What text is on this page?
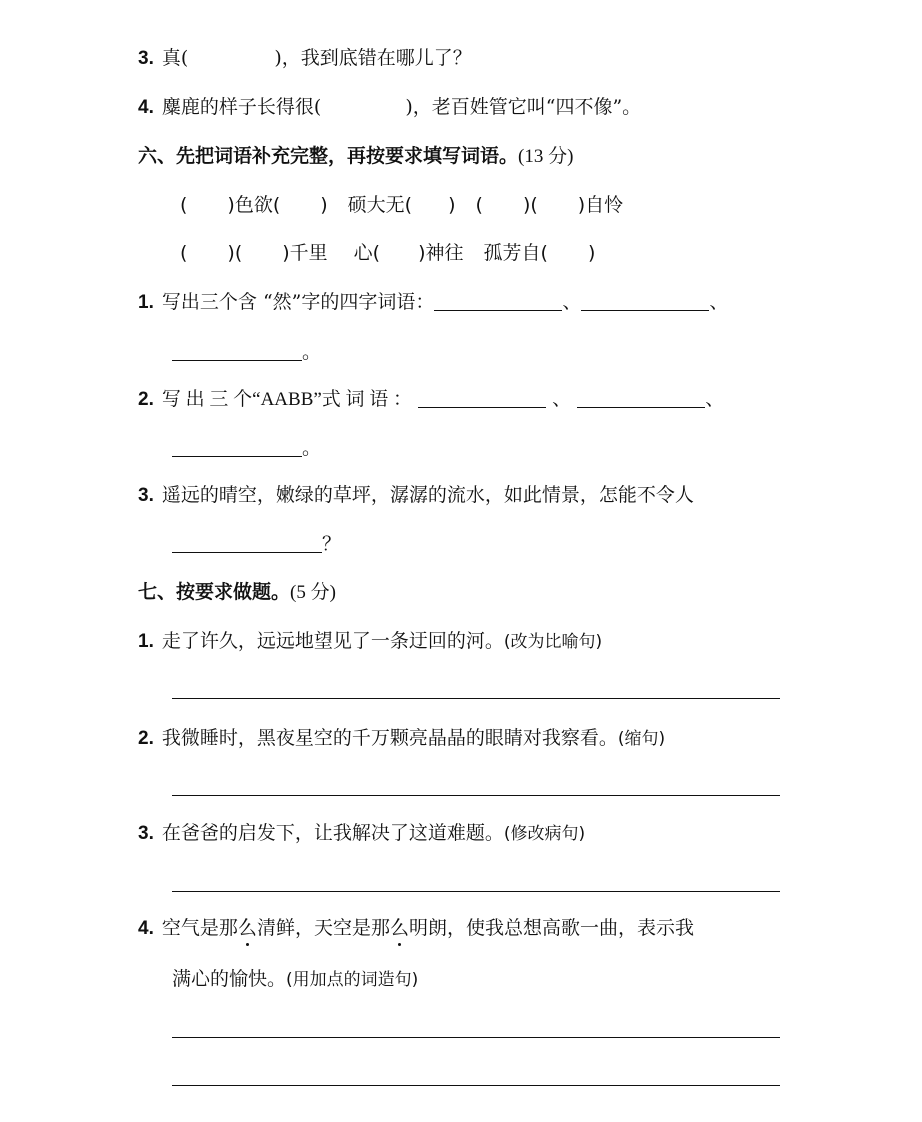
3. 真(	)，我到底错在哪儿了？
4. 麋鹿的样子长得很(	)，老百姓管它叫“四不像”。
六、先把词语补充完整，再按要求填写词语。(13 分)
( )色欲( ) 硕大无( ) ( )( )自怜
( )( )千里 心( )神往 孤芳自( )
1. 写出三个含 “然”字的四字词语：	、	、
。
2. 写 出 三 个“AABB”式 词 语 ：	、	、
。
3. 遥远的晴空，嫩绿的草坪，潺潺的流水，如此情景，怎能不令人
？
七、按要求做题。(5 分)
1. 走了许久，远远地望见了一条迂回的河。(改为比喻句)
2. 我微睡时，黑夜星空的千万颗亮晶晶的眼睛对我察看。(缩句)
3. 在爸爸的启发下，让我解决了这道难题。(修改病句)
4. 空气是那么
清鲜，天空是那么
明朗，使我总想高歌一曲，表示我
满心的愉快。(用加点的词造句)
